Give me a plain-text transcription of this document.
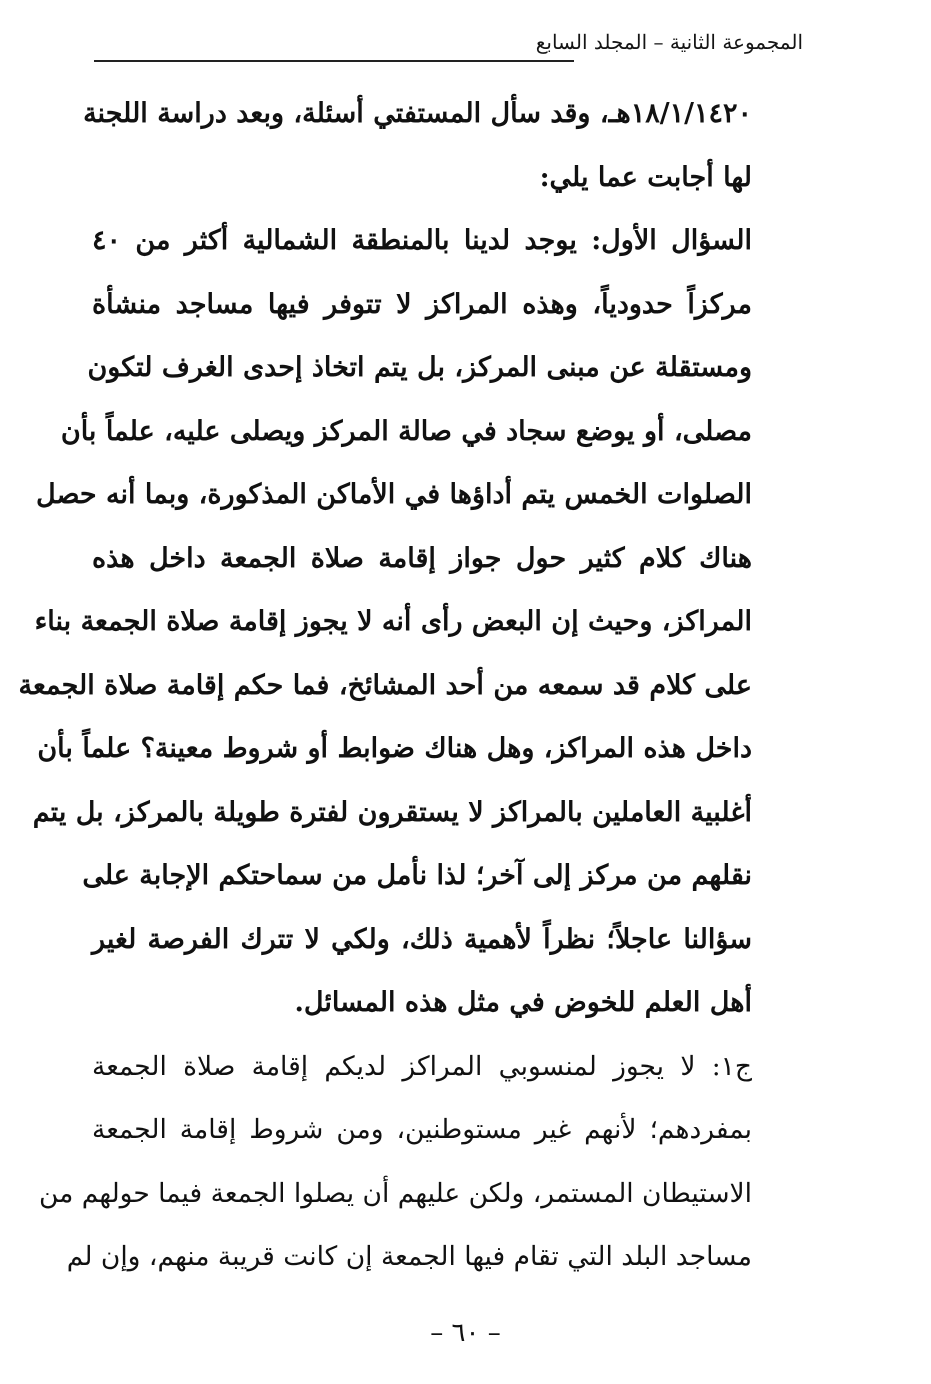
المجموعة الثانية – المجلد السابع
١٨/١/١٤٢٠هـ، وقد سأل المستفتي أسئلة، وبعد دراسة اللجنة
لها أجابت عما يلي:
السؤال الأول: يوجد لدينا بالمنطقة الشمالية أكثر من ٤٠
مركزاً حدودياً، وهذه المراكز لا تتوفر فيها مساجد منشأة
ومستقلة عن مبنى المركز، بل يتم اتخاذ إحدى الغرف لتكون
مصلى، أو يوضع سجاد في صالة المركز ويصلى عليه، علماً بأن
الصلوات الخمس يتم أداؤها في الأماكن المذكورة، وبما أنه حصل
هناك كلام كثير حول جواز إقامة صلاة الجمعة داخل هذه
المراكز، وحيث إن البعض رأى أنه لا يجوز إقامة صلاة الجمعة بناء
على كلام قد سمعه من أحد المشائخ، فما حكم إقامة صلاة الجمعة
داخل هذه المراكز، وهل هناك ضوابط أو شروط معينة؟ علماً بأن
أغلبية العاملين بالمراكز لا يستقرون لفترة طويلة بالمركز، بل يتم
نقلهم من مركز إلى آخر؛ لذا نأمل من سماحتكم الإجابة على
سؤالنا عاجلاً؛ نظراً لأهمية ذلك، ولكي لا تترك الفرصة لغير
أهل العلم للخوض في مثل هذه المسائل.
ج١: لا يجوز لمنسوبي المراكز لديكم إقامة صلاة الجمعة
بمفردهم؛ لأنهم غير مستوطنين، ومن شروط إقامة الجمعة
الاستيطان المستمر، ولكن عليهم أن يصلوا الجمعة فيما حولهم من
مساجد البلد التي تقام فيها الجمعة إن كانت قريبة منهم، وإن لم
– ٦٠ –
